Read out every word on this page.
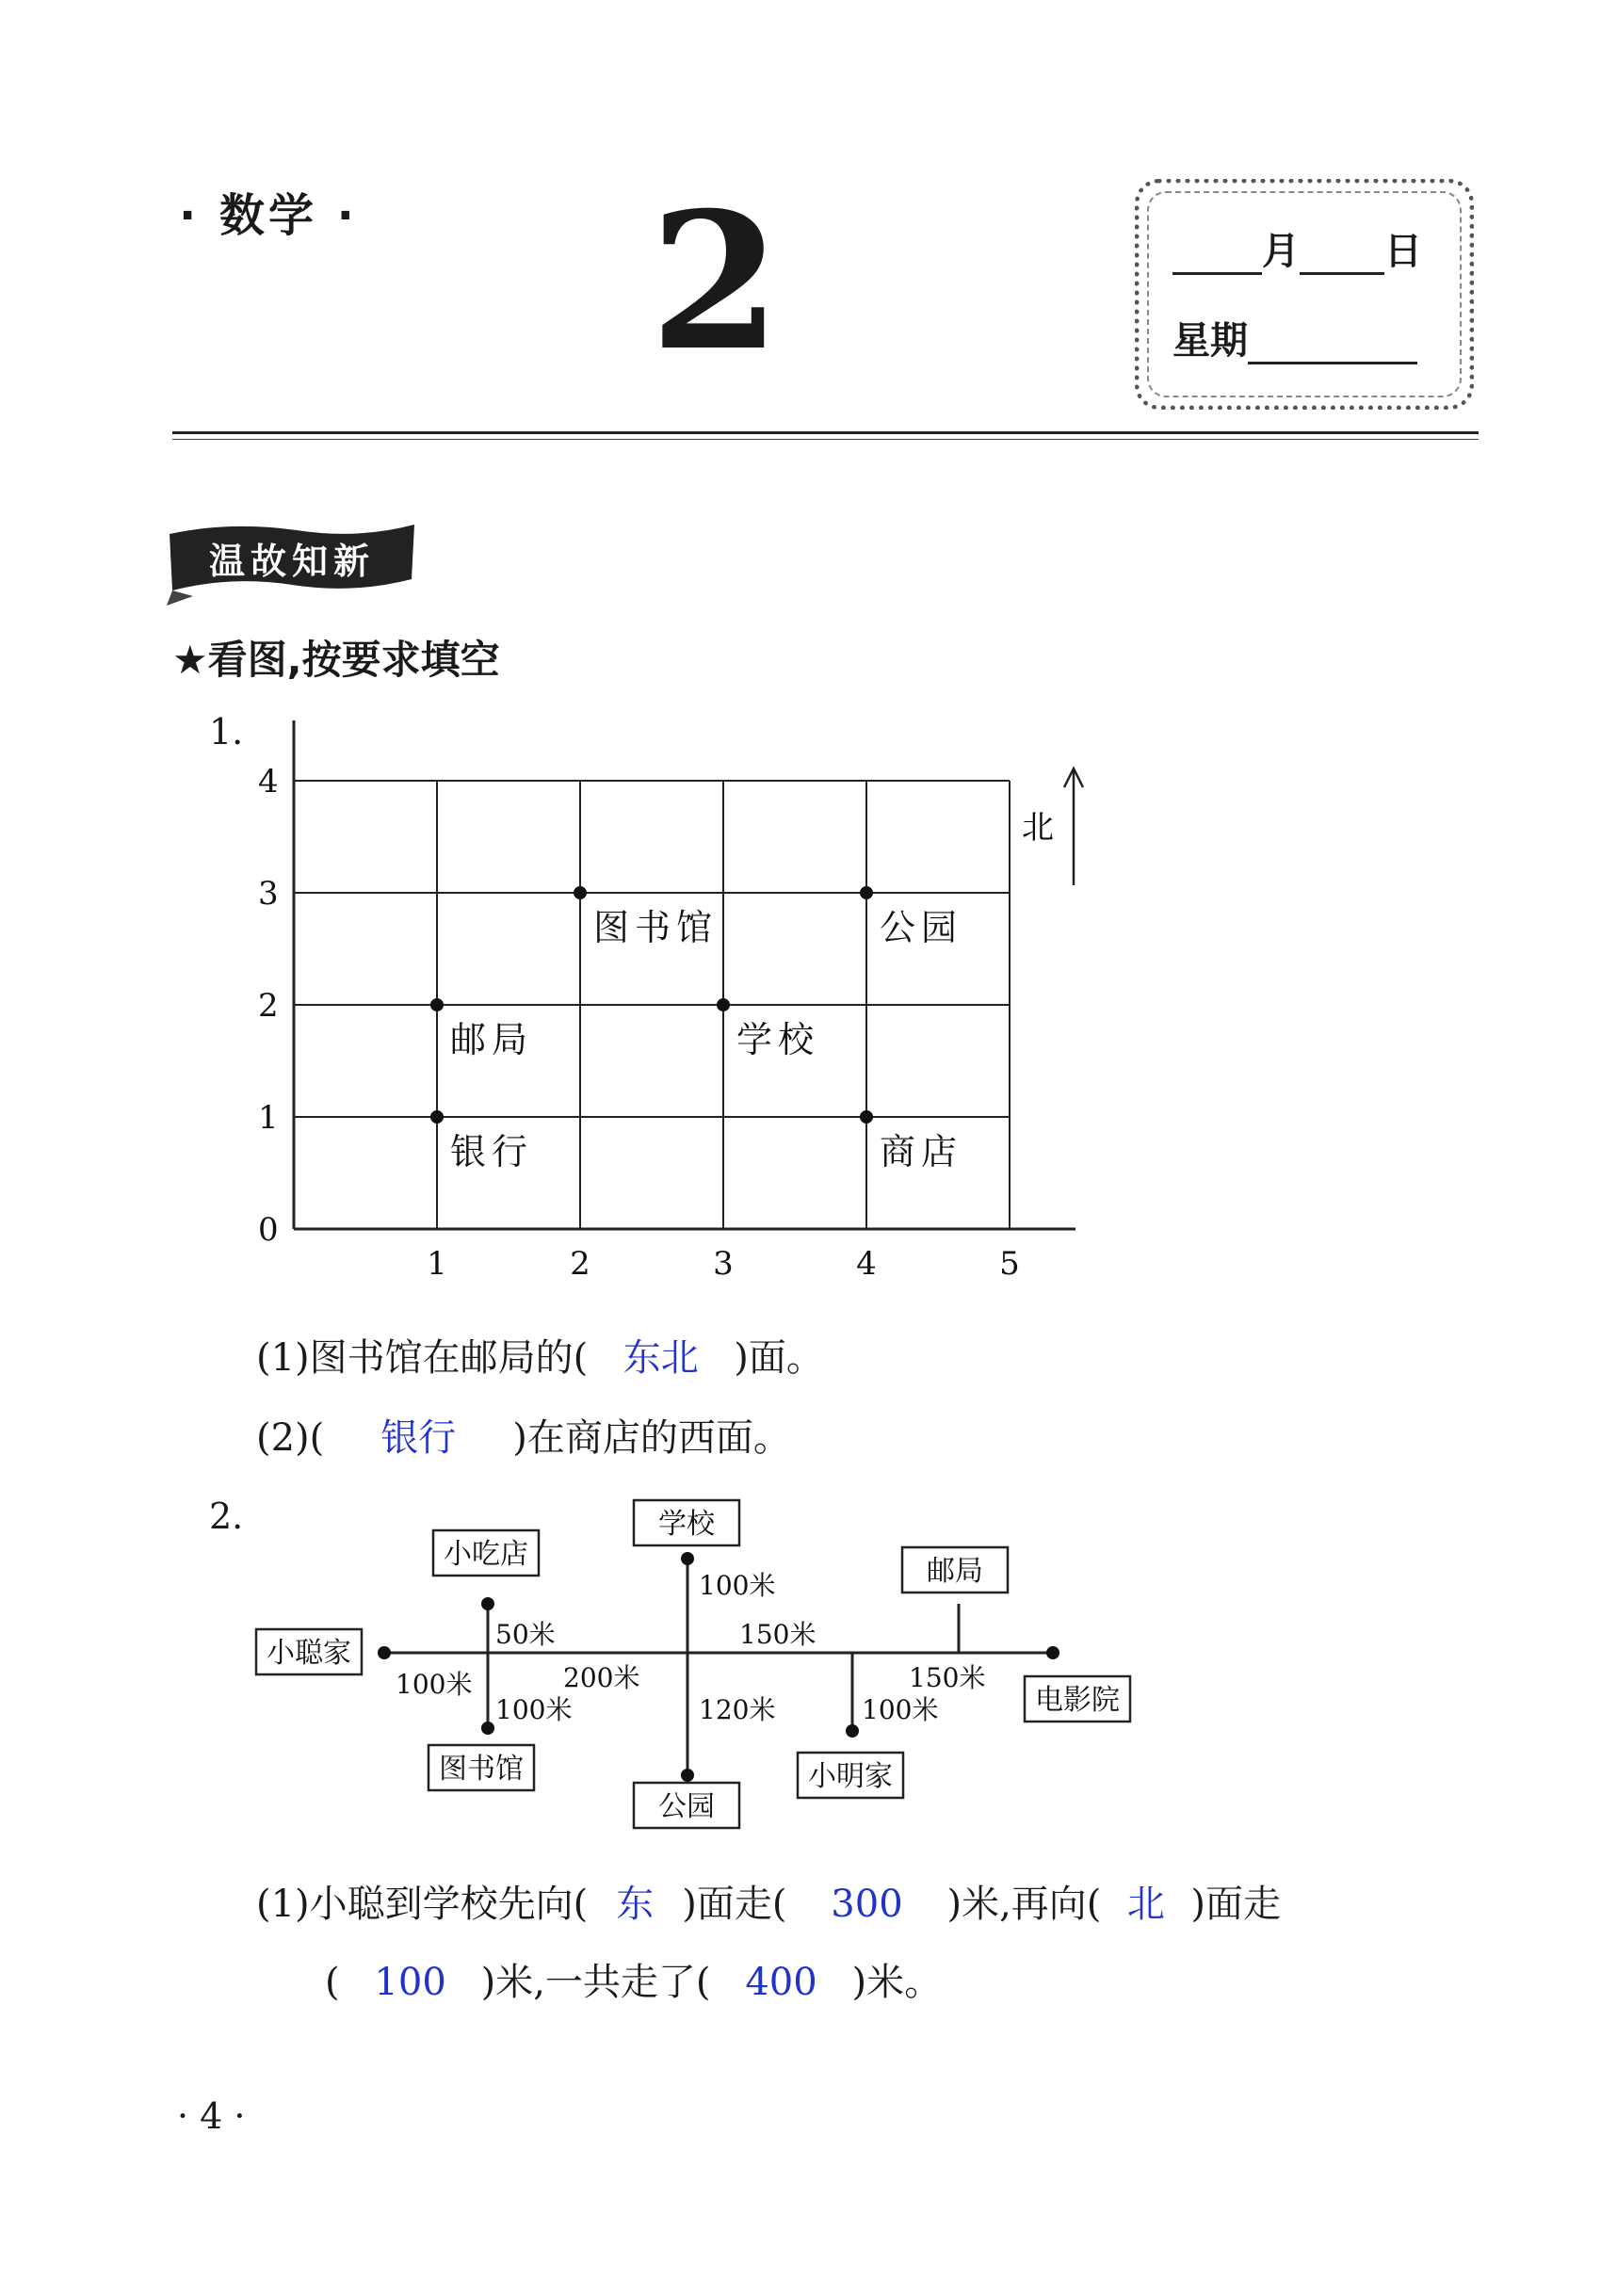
· 数学 · 2	月 日
星期
温故知新
★看图,按要求填空
1.
4
3
2
1
0
1	2	3	4	5
图书馆	公园
邮局	学校
银行	商店
北
(1)图书馆在邮局的( 东北 )面。
(2)( 银行 )在商店的西面。
2.
小聪家
小吃店
学校
邮局
图书馆
公园
小明家
电影院
100米
50米
100米
200米
100米
120米
150米
100米
150米
(1)小聪到学校先向( 东 )面走( 300 )米,再向( 北 )面走
( 100 )米,一共走了( 400 )米。
· 4 ·
